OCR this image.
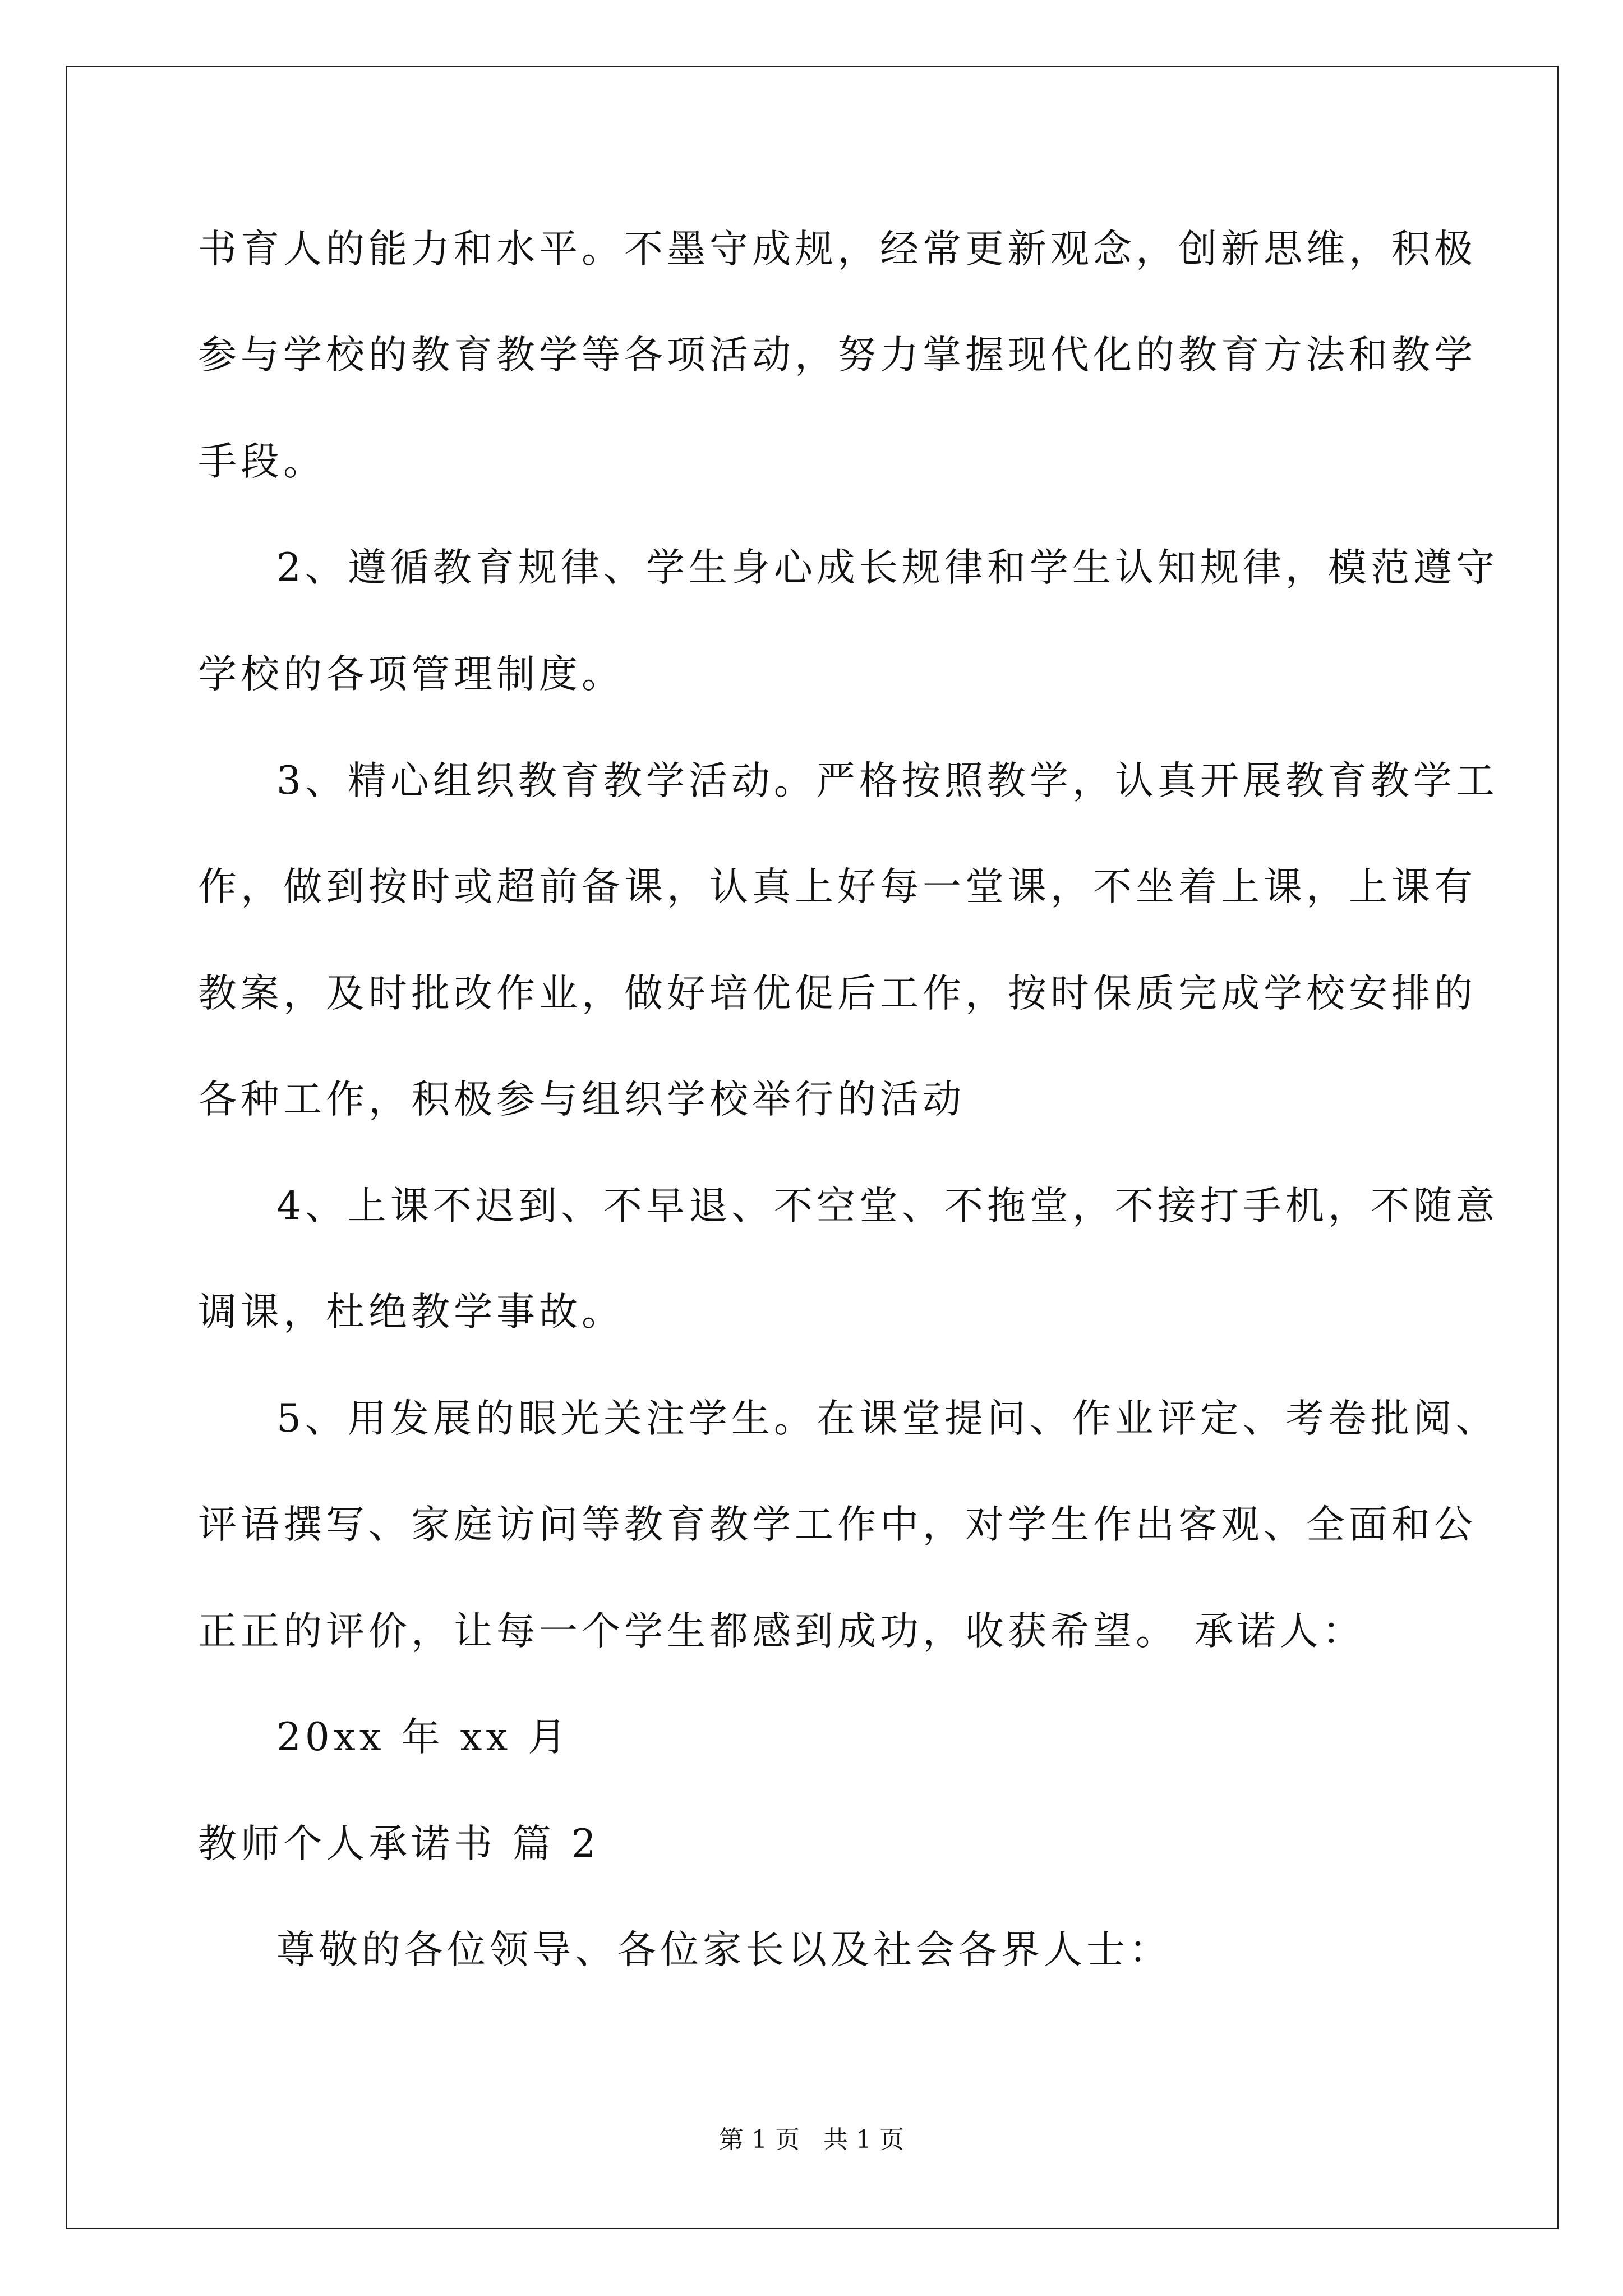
书育人的能力和水平。不墨守成规，经常更新观念，创新思维，积极
参与学校的教育教学等各项活动，努力掌握现代化的教育方法和教学
手段。
2、遵循教育规律、学生身心成长规律和学生认知规律，模范遵守
学校的各项管理制度。
3、精心组织教育教学活动。严格按照教学，认真开展教育教学工
作，做到按时或超前备课，认真上好每一堂课，不坐着上课，上课有
教案，及时批改作业，做好培优促后工作，按时保质完成学校安排的
各种工作，积极参与组织学校举行的活动
4、上课不迟到、不早退、不空堂、不拖堂，不接打手机，不随意
调课，杜绝教学事故。
5、用发展的眼光关注学生。在课堂提问、作业评定、考卷批阅、
评语撰写、家庭访问等教育教学工作中，对学生作出客观、全面和公
正正的评价，让每一个学生都感到成功，收获希望。 承诺人：
20xx 年 xx 月
教师个人承诺书 篇 2
尊敬的各位领导、各位家长以及社会各界人士：
第 1 页   共 1 页
